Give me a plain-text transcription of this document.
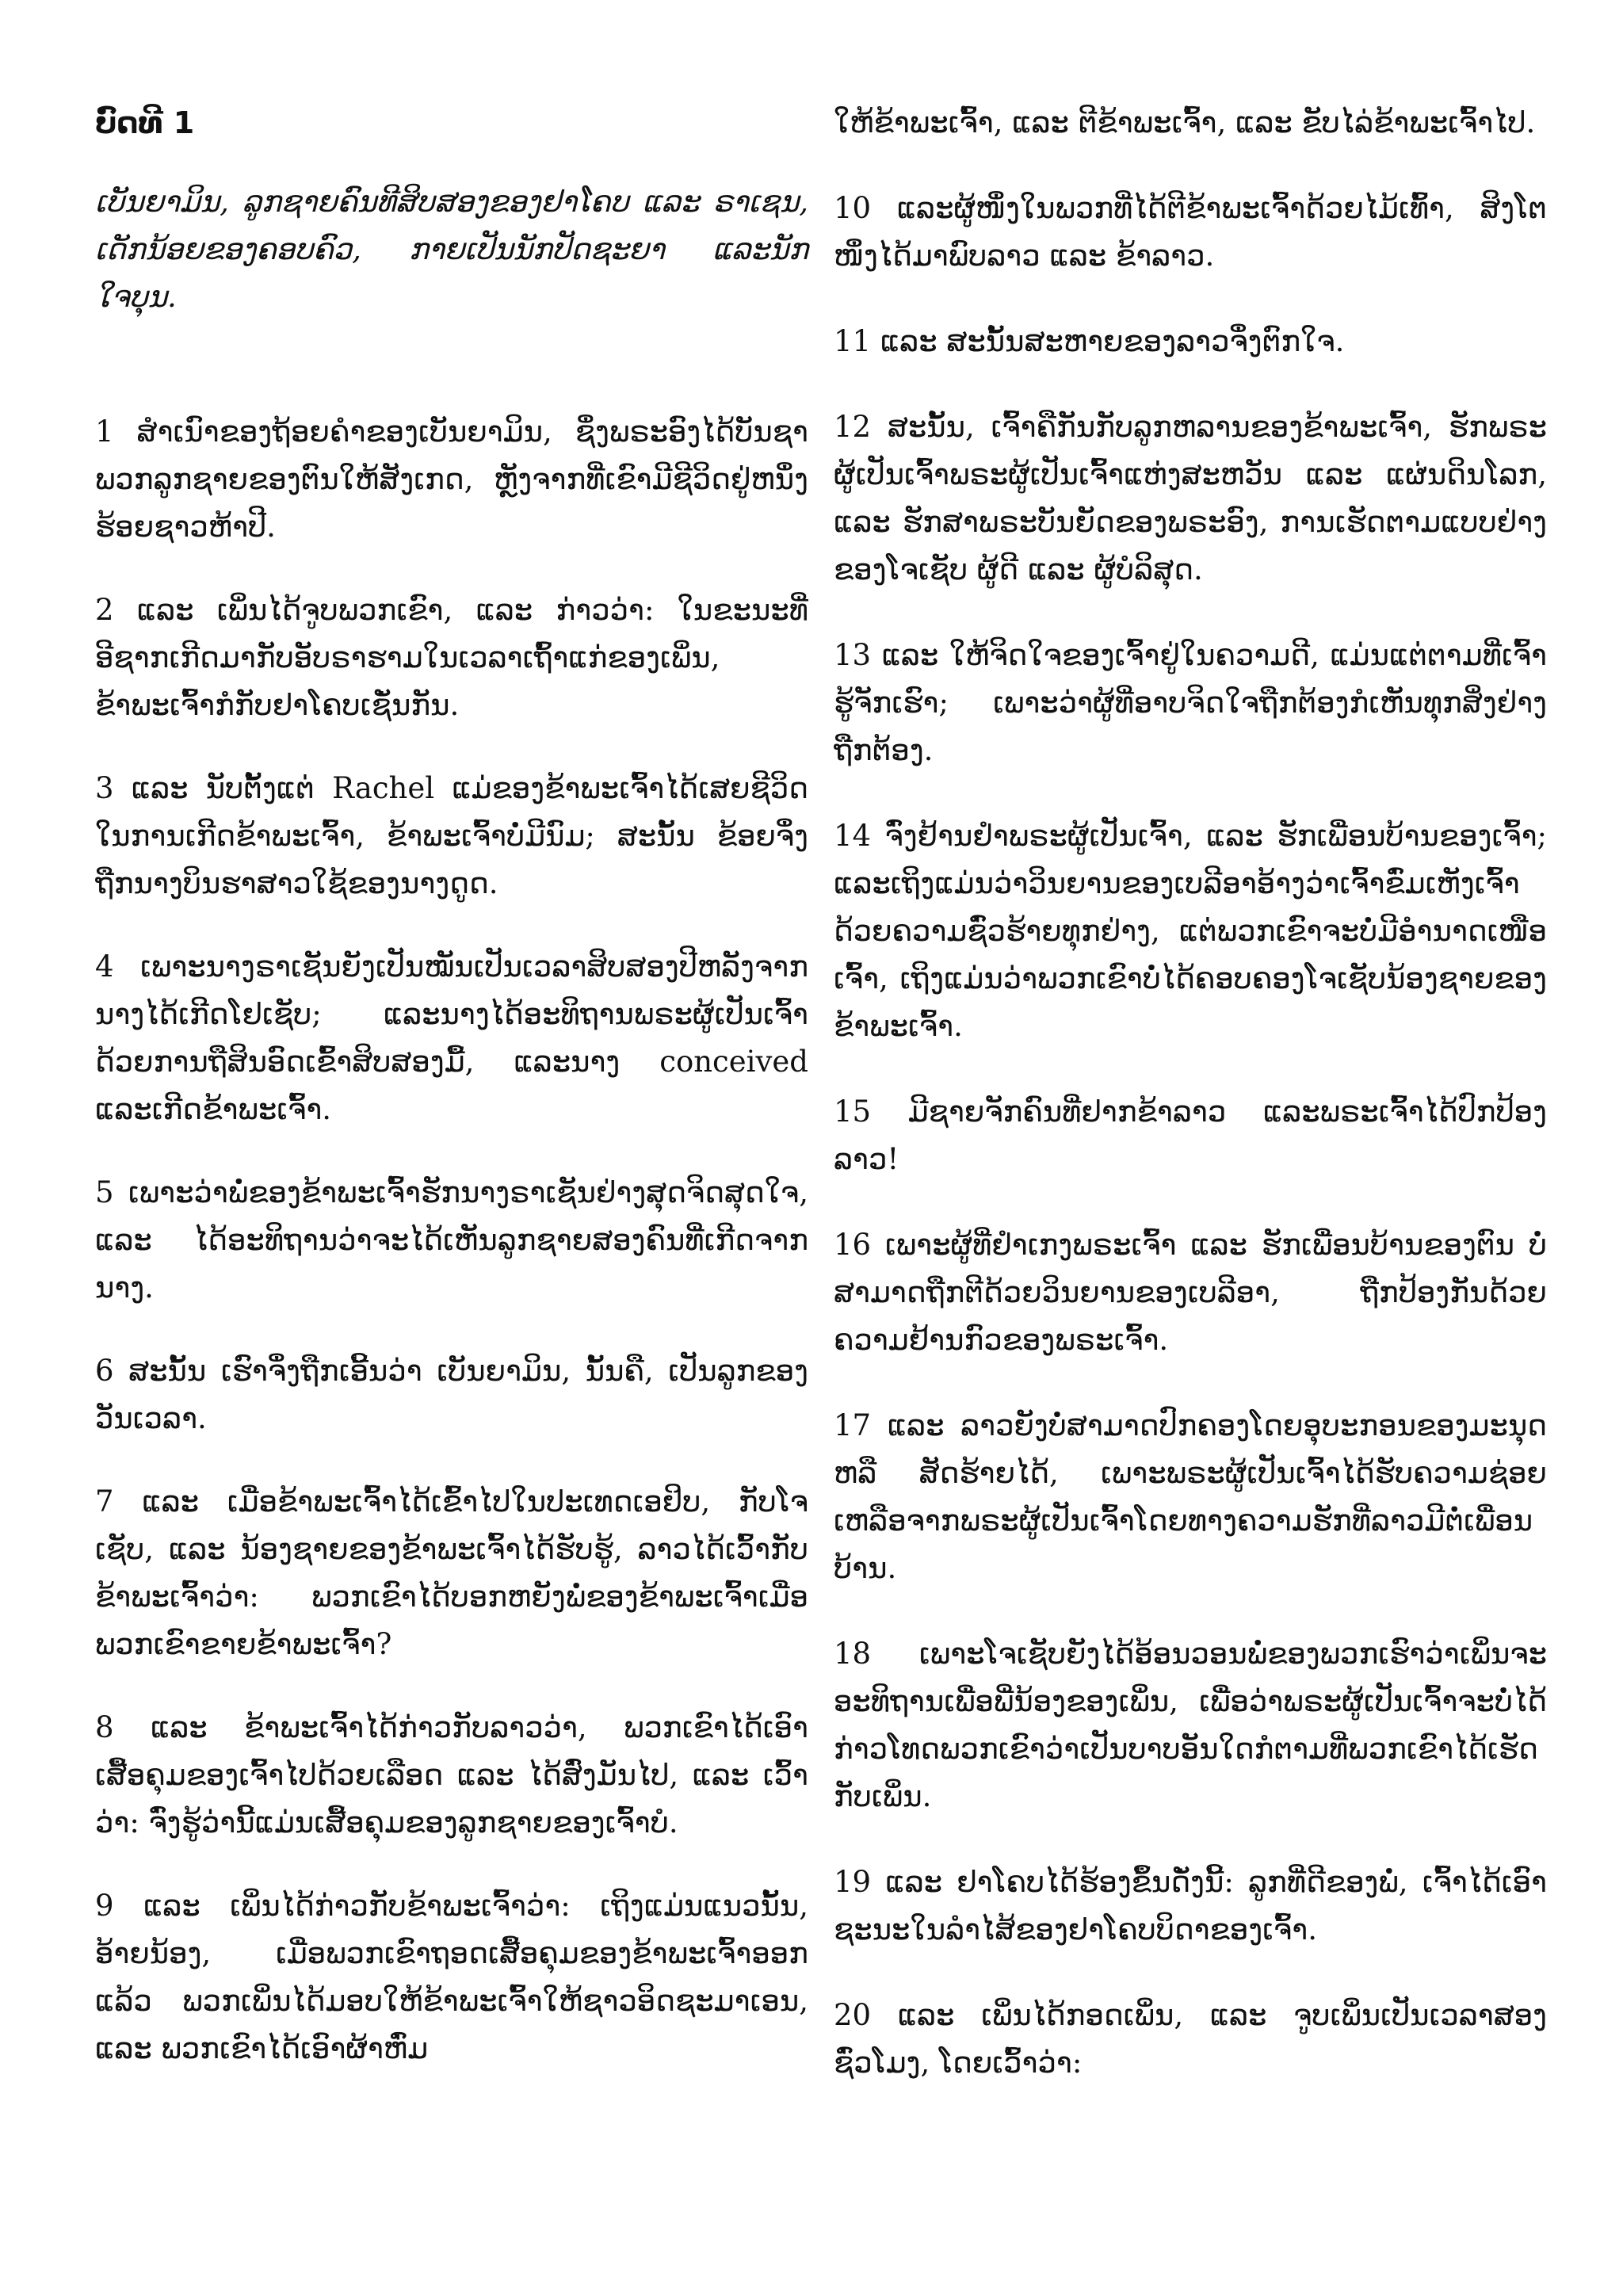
ບົດທີ 1
ເບັນຍາມິນ, ລູກຊາຍຄົນທີສິບສອງຂອງຢາໂຄບ ແລະ ຣາເຊນ, ເດັກນ້ອຍຂອງຄອບຄົວ, ກາຍເປັນນັກປັດຊະຍາ ແລະນັກໃຈບຸນ.

1 ສຳເນົາຂອງຖ້ອຍຄຳຂອງເບັນຍາມິນ, ຊຶ່ງພຣະອົງໄດ້ບັນຊາພວກລູກຊາຍຂອງຕົນໃຫ້ສັງເກດ, ຫຼັງຈາກທີ່ເຂົາມີຊີວິດຢູ່ຫນຶ່ງຮ້ອຍຊາວຫ້າປີ.

2 ແລະ ເພິ່ນໄດ້ຈູບພວກເຂົາ, ແລະ ກ່າວວ່າ: ໃນຂະນະທີ່ອີຊາກເກີດມາກັບອັບຣາຮາມໃນເວລາເຖົ້າແກ່ຂອງເພິ່ນ, ຂ້າພະເຈົ້າກໍກັບຢາໂຄບເຊັ່ນກັນ.

3 ແລະ ນັບຕັ້ງແຕ່ Rachel ແມ່ຂອງຂ້າພະເຈົ້າໄດ້ເສຍຊີວິດໃນການເກີດຂ້າພະເຈົ້າ, ຂ້າພະເຈົ້າບໍ່ມີນົມ; ສະນັ້ນ ຂ້ອຍຈຶ່ງຖືກນາງບິນຮາສາວໃຊ້ຂອງນາງດູດ.

4 ເພາະນາງຣາເຊັນຍັງເປັນໝັນເປັນເວລາສິບສອງປີຫລັງຈາກນາງໄດ້ເກີດໂຢເຊັບ; ແລະນາງໄດ້ອະທິຖານພຣະຜູ້ເປັນເຈົ້າດ້ວຍການຖືສິນອົດເຂົ້າສິບສອງມື້, ແລະນາງ conceived ແລະເກີດຂ້າພະເຈົ້າ.

5 ເພາະວ່າພໍ່ຂອງຂ້າພະເຈົ້າຮັກນາງຣາເຊັນຢ່າງສຸດຈິດສຸດໃຈ, ແລະ ໄດ້ອະທິຖານວ່າຈະໄດ້ເຫັນລູກຊາຍສອງຄົນທີ່ເກີດຈາກນາງ.

6 ສະນັ້ນ ເຮົາຈຶ່ງຖືກເອີ້ນວ່າ ເບັນຍາມິນ, ນັ້ນຄື, ເປັນລູກຂອງວັນເວລາ.

7 ແລະ ເມື່ອຂ້າພະເຈົ້າໄດ້ເຂົ້າໄປໃນປະເທດເອຢິບ, ກັບໂຈເຊັບ, ແລະ ນ້ອງຊາຍຂອງຂ້າພະເຈົ້າໄດ້ຮັບຮູ້, ລາວໄດ້ເວົ້າກັບຂ້າພະເຈົ້າວ່າ: ພວກເຂົາໄດ້ບອກຫຍັງພໍ່ຂອງຂ້າພະເຈົ້າເມື່ອພວກເຂົາຂາຍຂ້າພະເຈົ້າ?

8 ແລະ ຂ້າພະເຈົ້າໄດ້ກ່າວກັບລາວວ່າ, ພວກເຂົາໄດ້ເອົາເສື້ອຄຸມຂອງເຈົ້າໄປດ້ວຍເລືອດ ແລະ ໄດ້ສົ່ງມັນໄປ, ແລະ ເວົ້າວ່າ: ຈົ່ງຮູ້ວ່ານີ້ແມ່ນເສື້ອຄຸມຂອງລູກຊາຍຂອງເຈົ້າບໍ.

9 ແລະ ເພິ່ນໄດ້ກ່າວກັບຂ້າພະເຈົ້າວ່າ: ເຖິງແມ່ນແນວນັ້ນ, ອ້າຍນ້ອງ, ເມື່ອພວກເຂົາຖອດເສື້ອຄຸມຂອງຂ້າພະເຈົ້າອອກແລ້ວ ພວກເພິ່ນໄດ້ມອບໃຫ້ຂ້າພະເຈົ້າໃຫ້ຊາວອິດຊະມາເອນ, ແລະ ພວກເຂົາໄດ້ເອົາຜ້າຫົ່ມ

ໃຫ້ຂ້າພະເຈົ້າ, ແລະ ຕີຂ້າພະເຈົ້າ, ແລະ ຂັບໄລ່ຂ້າພະເຈົ້າໄປ.

10 ແລະຜູ້ໜຶ່ງໃນພວກທີ່ໄດ້ຕີຂ້າພະເຈົ້າດ້ວຍໄມ້ເທົ້າ, ສິງໂຕໜຶ່ງໄດ້ມາພົບລາວ ແລະ ຂ້າລາວ.

11 ແລະ ສະນັ້ນສະຫາຍຂອງລາວຈຶ່ງຕົກໃຈ.

12 ສະນັ້ນ, ເຈົ້າຄືກັນກັບລູກຫລານຂອງຂ້າພະເຈົ້າ, ຮັກພຣະຜູ້ເປັນເຈົ້າພຣະຜູ້ເປັນເຈົ້າແຫ່ງສະຫວັນ ແລະ ແຜ່ນດິນໂລກ, ແລະ ຮັກສາພຣະບັນຍັດຂອງພຣະອົງ, ການເຮັດຕາມແບບຢ່າງຂອງໂຈເຊັບ ຜູ້ດີ ແລະ ຜູ້ບໍລິສຸດ.

13 ແລະ ໃຫ້ຈິດໃຈຂອງເຈົ້າຢູ່ໃນຄວາມດີ, ແມ່ນແຕ່ຕາມທີ່ເຈົ້າຮູ້ຈັກເຮົາ; ເພາະວ່າຜູ້ທີ່ອາບຈິດໃຈຖືກຕ້ອງກໍເຫັນທຸກສິ່ງຢ່າງຖືກຕ້ອງ.

14 ຈົ່ງຢ້ານຢໍາພຣະຜູ້ເປັນເຈົ້າ, ແລະ ຮັກເພື່ອນບ້ານຂອງເຈົ້າ; ແລະເຖິງແມ່ນວ່າວິນຍານຂອງເບລີອາອ້າງວ່າເຈົ້າຂົ່ມເຫັງເຈົ້າດ້ວຍຄວາມຊົ່ວຮ້າຍທຸກຢ່າງ, ແຕ່ພວກເຂົາຈະບໍ່ມີອໍານາດເໜືອເຈົ້າ, ເຖິງແມ່ນວ່າພວກເຂົາບໍ່ໄດ້ຄອບຄອງໂຈເຊັບນ້ອງຊາຍຂອງຂ້າພະເຈົ້າ.

15 ມີຊາຍຈັກຄົນທີ່ຢາກຂ້າລາວ ແລະພຣະເຈົ້າໄດ້ປົກປ້ອງລາວ!

16 ເພາະຜູ້ທີ່ຢຳເກງພຣະເຈົ້າ ແລະ ຮັກເພື່ອນບ້ານຂອງຕົນ ບໍ່ສາມາດຖືກຕີດ້ວຍວິນຍານຂອງເບລີອາ, ຖືກປ້ອງກັນດ້ວຍຄວາມຢ້ານກົວຂອງພຣະເຈົ້າ.

17 ແລະ ລາວຍັງບໍ່ສາມາດປົກຄອງໂດຍອຸບະກອນຂອງມະນຸດ ຫລື ສັດຮ້າຍໄດ້, ເພາະພຣະຜູ້ເປັນເຈົ້າໄດ້ຮັບຄວາມຊ່ອຍເຫລືອຈາກພຣະຜູ້ເປັນເຈົ້າໂດຍທາງຄວາມຮັກທີ່ລາວມີຕໍ່ເພື່ອນບ້ານ.

18 ເພາະໂຈເຊັບຍັງໄດ້ອ້ອນວອນພໍ່ຂອງພວກເຮົາວ່າເພິ່ນຈະອະທິຖານເພື່ອພີ່ນ້ອງຂອງເພິ່ນ, ເພື່ອວ່າພຣະຜູ້ເປັນເຈົ້າຈະບໍ່ໄດ້ກ່າວໂທດພວກເຂົາວ່າເປັນບາບອັນໃດກໍຕາມທີ່ພວກເຂົາໄດ້ເຮັດກັບເພິ່ນ.

19 ແລະ ຢາໂຄບໄດ້ຮ້ອງຂຶ້ນດັ່ງນີ້: ລູກທີ່ດີຂອງພໍ່, ເຈົ້າໄດ້ເອົາຊະນະໃນລຳໄສ້ຂອງຢາໂຄບບິດາຂອງເຈົ້າ.

20 ແລະ ເພິ່ນໄດ້ກອດເພິ່ນ, ແລະ ຈູບເພິ່ນເປັນເວລາສອງຊົ່ວໂມງ, ໂດຍເວົ້າວ່າ:
